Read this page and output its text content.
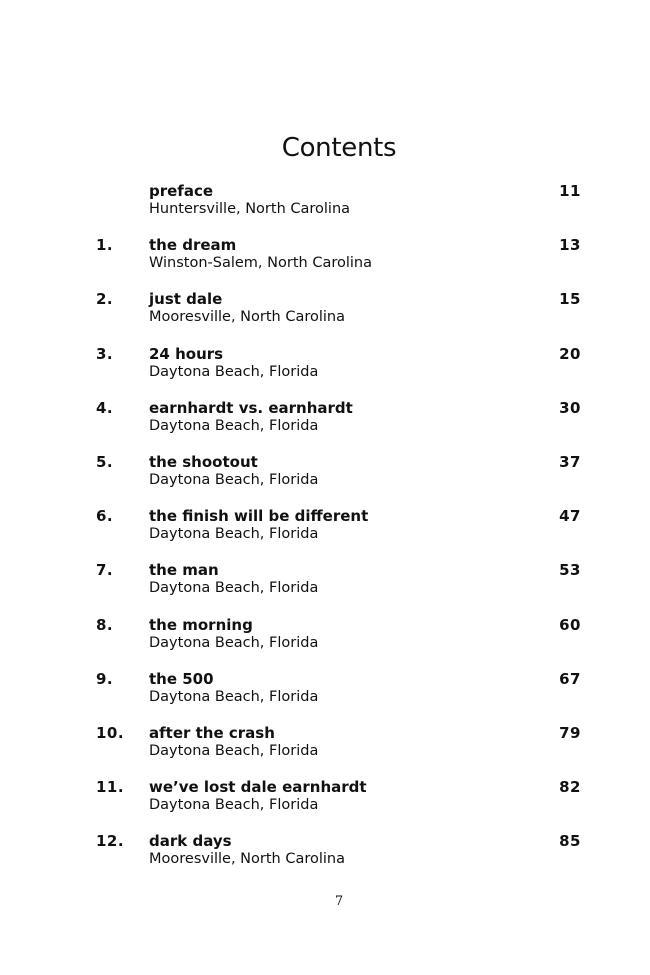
Contents
preface
Huntersville, North Carolina
11
1. the dream
Winston-Salem, North Carolina
13
2. just dale
Mooresville, North Carolina
15
3. 24 hours
Daytona Beach, Florida
20
4. earnhardt vs. earnhardt
Daytona Beach, Florida
30
5. the shootout
Daytona Beach, Florida
37
6. the finish will be different
Daytona Beach, Florida
47
7. the man
Daytona Beach, Florida
53
8. the morning
Daytona Beach, Florida
60
9. the 500
Daytona Beach, Florida
67
10. after the crash
Daytona Beach, Florida
79
11. we’ve lost dale earnhardt
Daytona Beach, Florida
82
12. dark days
Mooresville, North Carolina
85
7
